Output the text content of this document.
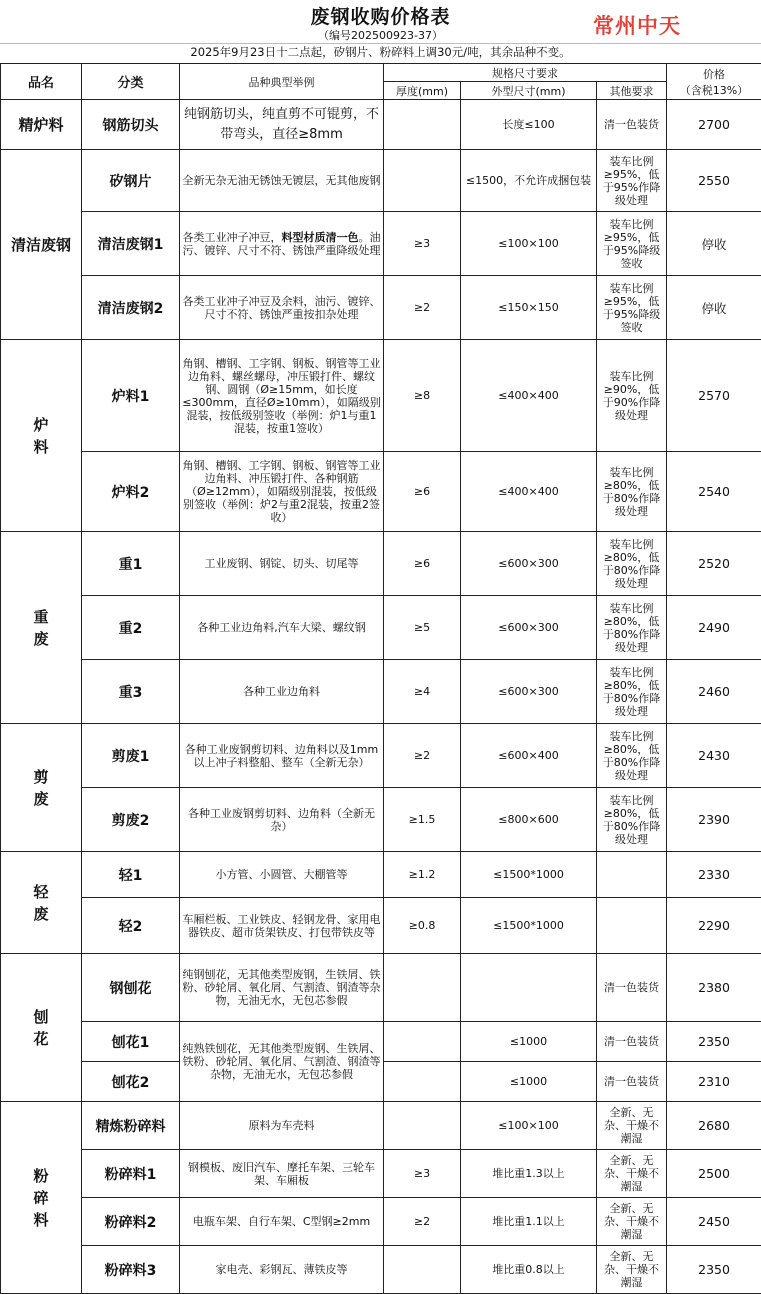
废钢收购价格表	常州中天
（编号202500923-37）
2025年9月23日十二点起，矽钢片、粉碎料上调30元/吨，其余品种不变。
品名	分类	品种典型举例	规格尺寸要求			价格
（含税13%）

			厚度(mm)	外型尺寸(mm)	其他要求	
精炉料	钢筋切头	纯钢筋切头，纯直剪不可锟剪，不带弯头，直径≥8mm		长度≤100	清一色装货	2700
清洁废钢	矽钢片	全新无杂无油无锈蚀无镀层，无其他废钢		≤1500，不允许成捆包装	装车比例≥95%，低于95%作降级处理	2550
	清洁废钢1	各类工业冲子冲豆，料型材质清一色。油污、镀锌、尺寸不符、锈蚀严重降级处理	≥3	≤100×100	装车比例≥95%，低于95%降级签收	停收
	清洁废钢2	各类工业冲子冲豆及余料，油污、镀锌、尺寸不符、锈蚀严重按扣杂处理	≥2	≤150×150	装车比例≥95%，低于95%降级签收	停收
炉料	炉料1	角钢、槽钢、工字钢、钢板、钢管等工业边角料、螺丝螺母，冲压锻打件、螺纹钢、圆钢（Ø≥15mm，如长度≤300mm，直径Ø≥10mm），如隔级别混装，按低级别签收（举例：炉1与重1混装，按重1签收）	≥8	≤400×400	装车比例≥90%，低于90%作降级处理	2570
	炉料2	角钢、槽钢、工字钢、钢板、钢管等工业边角料、冲压锻打件、各种钢筋（Ø≥12mm），如隔级别混装，按低级别签收（举例：炉2与重2混装，按重2签收）	≥6	≤400×400	装车比例≥80%，低于80%作降级处理	2540
重废	重1	工业废钢、钢锭、切头、切尾等	≥6	≤600×300	装车比例≥80%，低于80%作降级处理	2520
	重2	各种工业边角料,汽车大梁、螺纹钢	≥5	≤600×300	装车比例≥80%，低于80%作降级处理	2490
	重3	各种工业边角料	≥4	≤600×300	装车比例≥80%，低于80%作降级处理	2460
剪废	剪废1	各种工业废钢剪切料、边角料以及1mm以上冲子料整船、整车（全新无杂）	≥2	≤600×400	装车比例≥80%，低于80%作降级处理	2430
	剪废2	各种工业废钢剪切料、边角料（全新无杂）	≥1.5	≤800×600	装车比例≥80%，低于80%作降级处理	2390
轻废	轻1	小方管、小圆管、大棚管等	≥1.2	≤1500*1000		2330
	轻2	车厢栏板、工业铁皮、轻钢龙骨、家用电器铁皮、超市货架铁皮、打包带铁皮等	≥0.8	≤1500*1000		2290
刨花	钢刨花	纯钢刨花，无其他类型废钢，生铁屑、铁粉、砂轮屑、氧化屑、气割渣、钢渣等杂物，无油无水，无包芯参假			清一色装货	2380
	刨花1	纯熟铁刨花，无其他类型废钢、生铁屑、铁粉、砂轮屑、氧化屑、气割渣、钢渣等杂物，无油无水，无包芯参假		≤1000	清一色装货	2350
	刨花2			≤1000	清一色装货	2310
粉碎料	精炼粉碎料	原料为车壳料		≤100×100	全新、无杂、干燥不潮湿	2680
	粉碎料1	钢模板、废旧汽车、摩托车架、三轮车架、车厢板	≥3	堆比重1.3以上	全新、无杂、干燥不潮湿	2500
	粉碎料2	电瓶车架、自行车架、C型钢≥2mm	≥2	堆比重1.1以上	全新、无杂、干燥不潮湿	2450
	粉碎料3	家电壳、彩钢瓦、薄铁皮等		堆比重0.8以上	全新、无杂、干燥不潮湿	2350
